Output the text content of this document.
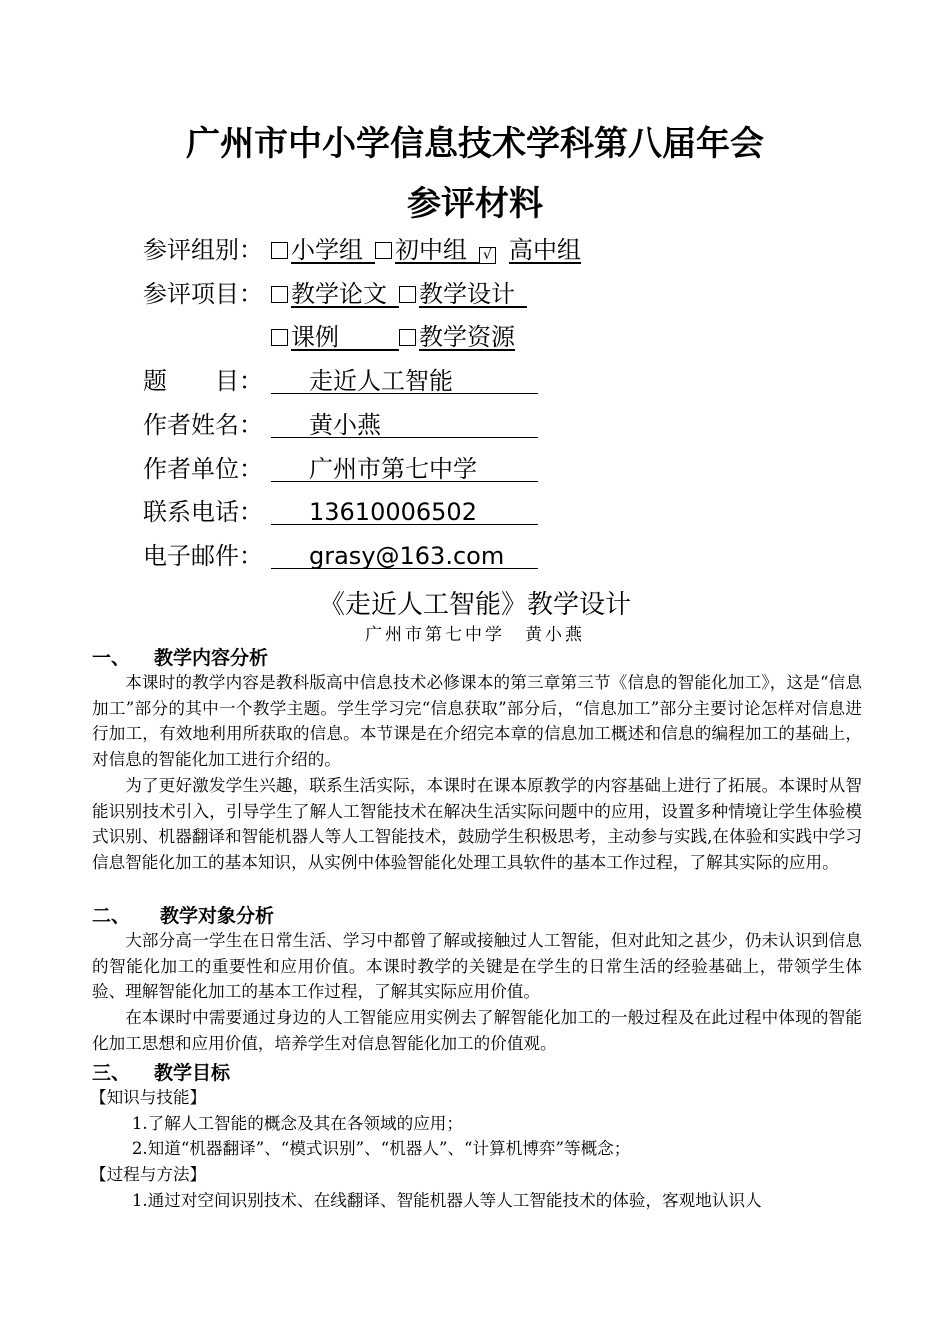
广州市中小学信息技术学科第八届年会
参评材料
参评组别： 小学组  初中组  √ 高中组
参评项目： 教学论文  教学设计 
课例　　 	教学资源
题　　目：	走近人工智能
作者姓名：	黄小燕
作者单位：	广州市第七中学
联系电话：	13610006502
电子邮件：	grasy@163.com
《走近人工智能》教学设计
广州市第七中学　黄小燕
一、 教学内容分析

本课时的教学内容是教科版高中信息技术必修课本的第三章第三节《信息的智能化加工》，这是“信息加工”部分的其中一个教学主题。学生学习完“信息获取”部分后，“信息加工”部分主要讨论怎样对信息进行加工，有效地利用所获取的信息。本节课是在介绍完本章的信息加工概述和信息的编程加工的基础上，对信息的智能化加工进行介绍的。

为了更好激发学生兴趣，联系生活实际，本课时在课本原教学的内容基础上进行了拓展。本课时从智能识别技术引入，引导学生了解人工智能技术在解决生活实际问题中的应用，设置多种情境让学生体验模式识别、机器翻译和智能机器人等人工智能技术，鼓励学生积极思考，主动参与实践,在体验和实践中学习信息智能化加工的基本知识，从实例中体验智能化处理工具软件的基本工作过程，了解其实际的应用。

二、 教学对象分析

大部分高一学生在日常生活、学习中都曾了解或接触过人工智能，但对此知之甚少，仍未认识到信息的智能化加工的重要性和应用价值。本课时教学的关键是在学生的日常生活的经验基础上，带领学生体验、理解智能化加工的基本工作过程，了解其实际应用价值。

在本课时中需要通过身边的人工智能应用实例去了解智能化加工的一般过程及在此过程中体现的智能化加工思想和应用价值，培养学生对信息智能化加工的价值观。

三、 教学目标

【知识与技能】

1.了解人工智能的概念及其在各领域的应用；

2.知道“机器翻译”、“模式识别”、“机器人”、“计算机博弈”等概念；

【过程与方法】

1.通过对空间识别技术、在线翻译、智能机器人等人工智能技术的体验，客观地认识人
